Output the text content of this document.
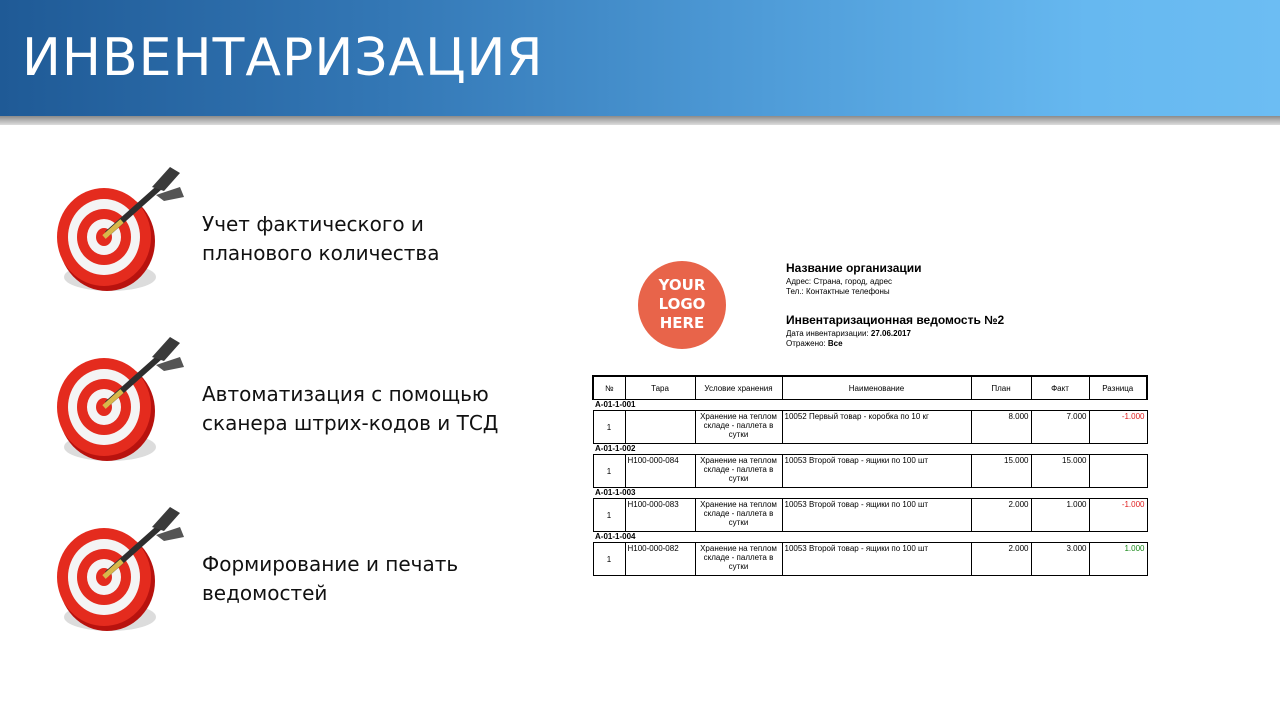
ИНВЕНТАРИЗАЦИЯ
Учет фактического и
планового количества
Автоматизация с помощью
сканера штрих-кодов и ТСД
Формирование и печать
ведомостей
YOUR
LOGO
HERE
Название организации
Адрес: Страна, город, адрес
Тел.: Контактные телефоны
Инвентаризационная ведомость №2
Дата инвентаризации: 27.06.2017
Отражено: Все
№	Тара	Условие хранения	Наименование	План	Факт	Разница
A-01-1-001						
1		Хранение на теплом складе - паллета в сутки	10052 Первый товар - коробка по 10 кг	8.000	7.000	-1.000
A-01-1-002						
1	H100-000-084	Хранение на теплом складе - паллета в сутки	10053 Второй товар - ящики по 100 шт	15.000	15.000	
A-01-1-003						
1	H100-000-083	Хранение на теплом складе - паллета в сутки	10053 Второй товар - ящики по 100 шт	2.000	1.000	-1.000
A-01-1-004						
1	H100-000-082	Хранение на теплом складе - паллета в сутки	10053 Второй товар - ящики по 100 шт	2.000	3.000	1.000
